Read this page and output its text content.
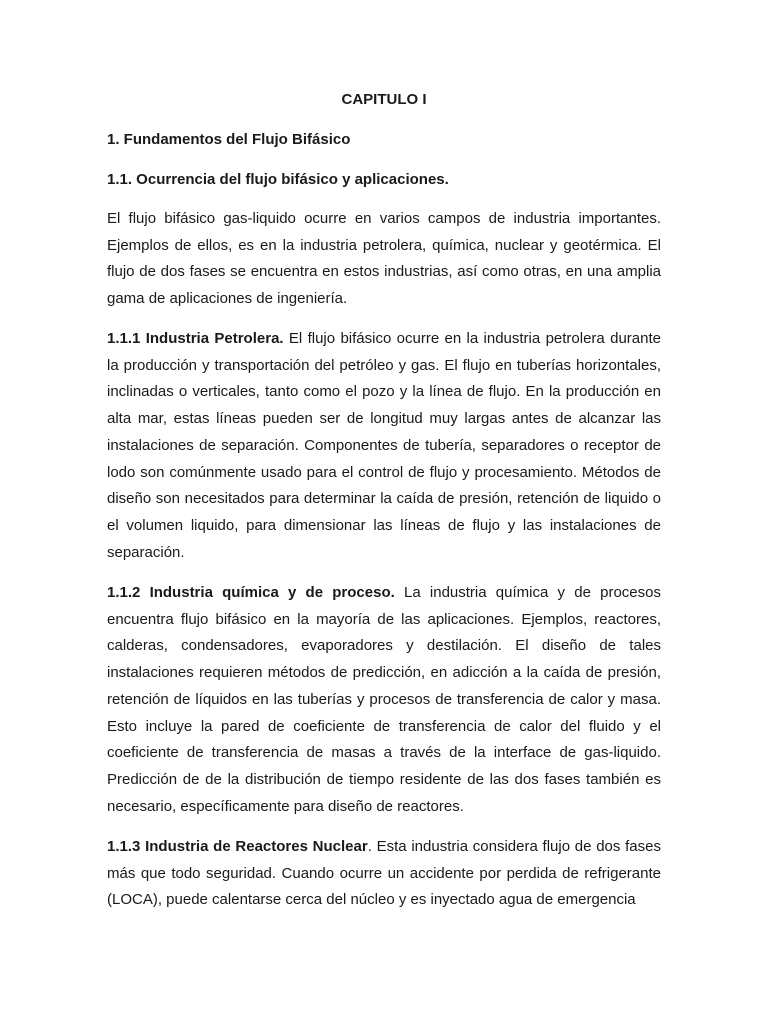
CAPITULO I
1. Fundamentos del Flujo Bifásico
1.1. Ocurrencia del flujo bifásico y aplicaciones.

El flujo bifásico gas-liquido ocurre en varios campos de industria importantes. Ejemplos de ellos, es en la industria petrolera, química, nuclear y geotérmica. El flujo de dos fases se encuentra en estos industrias, así como otras, en una amplia gama de aplicaciones de ingeniería.

1.1.1 Industria Petrolera. El flujo bifásico ocurre en la industria petrolera durante la producción y transportación del petróleo y gas. El flujo en tuberías horizontales, inclinadas o verticales, tanto como el pozo y la línea de flujo. En la producción en alta mar, estas líneas pueden ser de longitud muy largas antes de alcanzar las instalaciones de separación. Componentes de tubería, separadores o receptor de lodo son comúnmente usado para el control de flujo y procesamiento. Métodos de diseño son necesitados para determinar la caída de presión, retención de liquido o el volumen liquido, para dimensionar las líneas de flujo y las instalaciones de separación.

1.1.2 Industria química y de proceso. La industria química y de procesos encuentra flujo bifásico en la mayoría de las aplicaciones. Ejemplos, reactores, calderas, condensadores, evaporadores y destilación. El diseño de tales instalaciones requieren métodos de predicción, en adicción a la caída de presión, retención de líquidos en las tuberías y procesos de transferencia de calor y masa. Esto incluye la pared de coeficiente de transferencia de calor del fluido y el coeficiente de transferencia de masas a través de la interface de gas-liquido. Predicción de de la distribución de tiempo residente de las dos fases también es necesario, específicamente para diseño de reactores.

1.1.3 Industria de Reactores Nuclear. Esta industria considera flujo de dos fases más que todo seguridad. Cuando ocurre un accidente por perdida de refrigerante (LOCA), puede calentarse cerca del núcleo y es inyectado agua de emergencia
